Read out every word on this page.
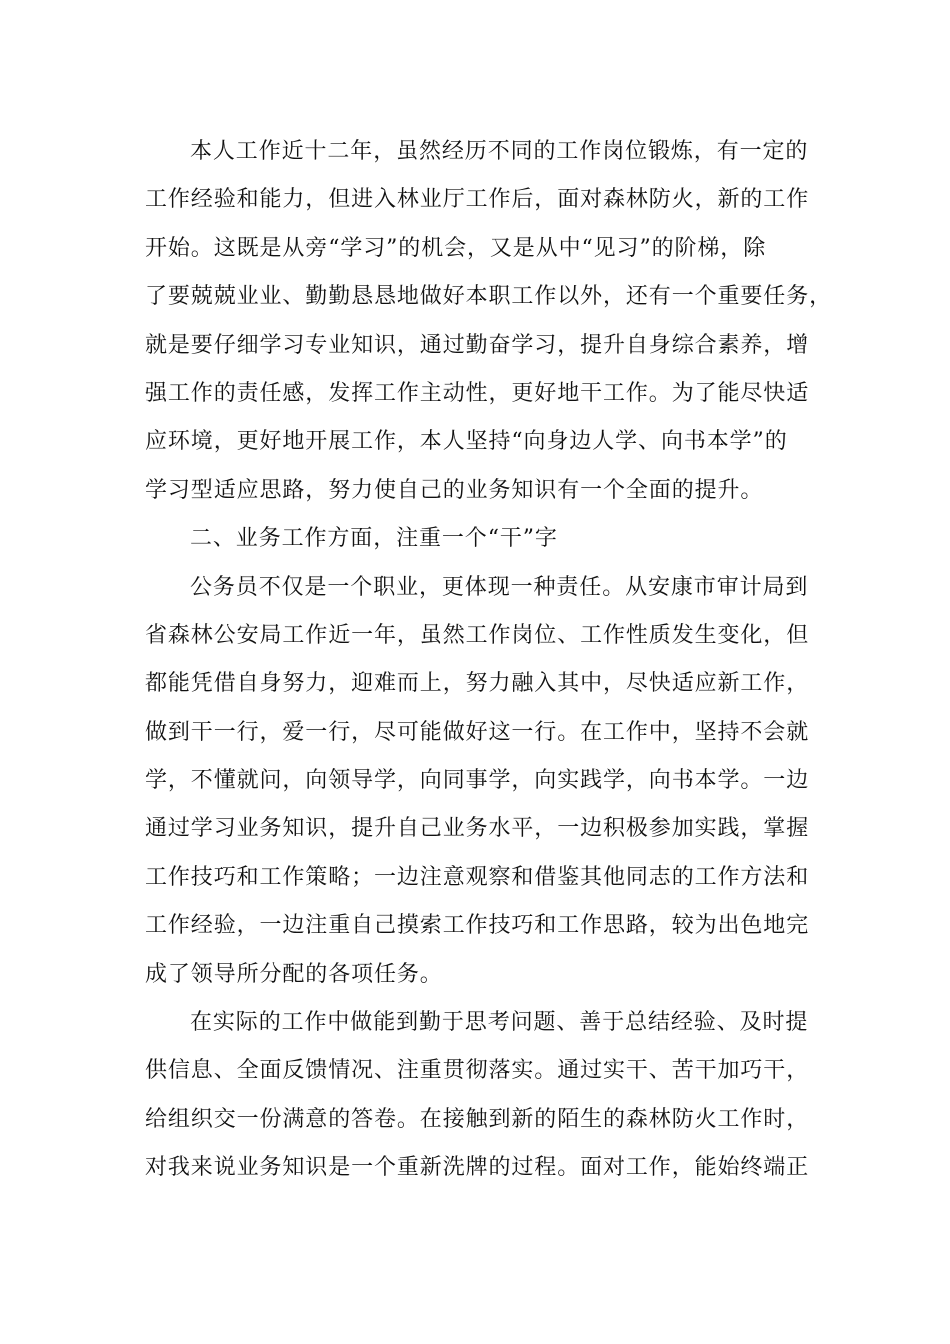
本人工作近十二年，虽然经历不同的工作岗位锻炼，有一定的

工作经验和能力，但进入林业厅工作后，面对森林防火，新的工作

开始。这既是从旁“学习”的机会，又是从中“见习”的阶梯，除

了要兢兢业业、勤勤恳恳地做好本职工作以外，还有一个重要任务，

就是要仔细学习专业知识，通过勤奋学习，提升自身综合素养，增

强工作的责任感，发挥工作主动性，更好地干工作。为了能尽快适

应环境，更好地开展工作，本人坚持“向身边人学、向书本学”的

学习型适应思路，努力使自己的业务知识有一个全面的提升。

二、业务工作方面，注重一个“干”字

公务员不仅是一个职业，更体现一种责任。从安康市审计局到

省森林公安局工作近一年，虽然工作岗位、工作性质发生变化，但

都能凭借自身努力，迎难而上，努力融入其中，尽快适应新工作，

做到干一行，爱一行，尽可能做好这一行。在工作中，坚持不会就

学，不懂就问，向领导学，向同事学，向实践学，向书本学。一边

通过学习业务知识，提升自己业务水平，一边积极参加实践，掌握

工作技巧和工作策略；一边注意观察和借鉴其他同志的工作方法和

工作经验，一边注重自己摸索工作技巧和工作思路，较为出色地完

成了领导所分配的各项任务。

在实际的工作中做能到勤于思考问题、善于总结经验、及时提

供信息、全面反馈情况、注重贯彻落实。通过实干、苦干加巧干，

给组织交一份满意的答卷。在接触到新的陌生的森林防火工作时，

对我来说业务知识是一个重新洗牌的过程。面对工作，能始终端正
